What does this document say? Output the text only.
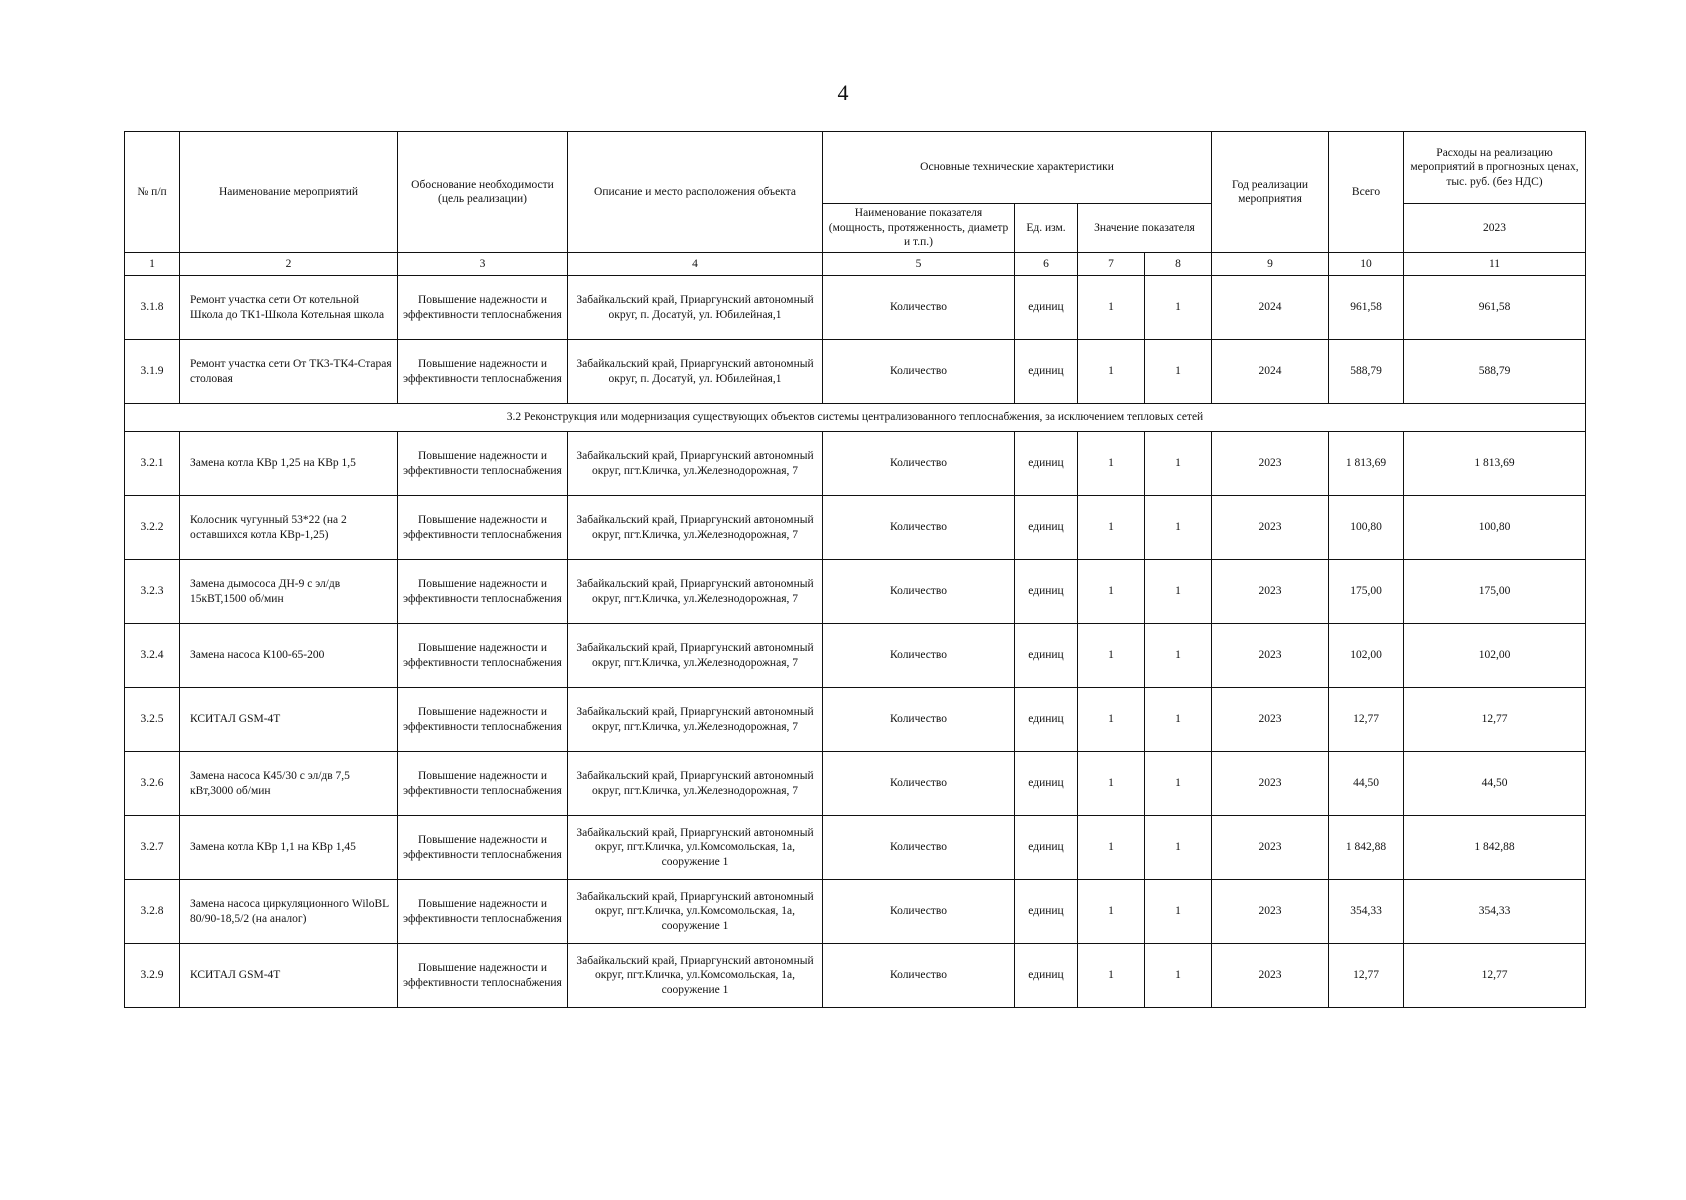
4
№ п/п	Наименование мероприятий	Обоснование необходимости (цель реализации)	Описание и место расположения объекта	Основные технические характеристики				Год реализации мероприятия	Всего	Расходы на реализацию мероприятий в прогнозных ценах, тыс. руб. (без НДС)
				Наименование показателя (мощность, протяженность, диаметр и т.п.)	Ед. изм.	Значение показателя				2023
1	2	3	4	5	6	7	8	9	10	11
3.1.8	Ремонт участка сети От котельной Школа до ТК1-Школа Котельная школа	Повышение надежности и эффективности теплоснабжения	Забайкальский край, Приаргунский автономный округ, п. Досатуй, ул. Юбилейная,1	Количество	единиц	1	1	2024	961,58	961,58
3.1.9	Ремонт участка сети От ТК3-ТК4-Старая столовая	Повышение надежности и эффективности теплоснабжения	Забайкальский край, Приаргунский автономный округ, п. Досатуй, ул. Юбилейная,1	Количество	единиц	1	1	2024	588,79	588,79
3.2 Реконструкция или модернизация существующих объектов системы централизованного теплоснабжения, за исключением тепловых сетей										
3.2.1	Замена котла КВр 1,25 на КВр 1,5	Повышение надежности и эффективности теплоснабжения	Забайкальский край, Приаргунский автономный округ, пгт.Кличка, ул.Железнодорожная, 7	Количество	единиц	1	1	2023	1 813,69	1 813,69
3.2.2	Колосник чугунный 53*22 (на 2 оставшихся котла КВр-1,25)	Повышение надежности и эффективности теплоснабжения	Забайкальский край, Приаргунский автономный округ, пгт.Кличка, ул.Железнодорожная, 7	Количество	единиц	1	1	2023	100,80	100,80
3.2.3	Замена дымососа ДН-9 с эл/дв 15кВТ,1500 об/мин	Повышение надежности и эффективности теплоснабжения	Забайкальский край, Приаргунский автономный округ, пгт.Кличка, ул.Железнодорожная, 7	Количество	единиц	1	1	2023	175,00	175,00
3.2.4	Замена насоса К100-65-200	Повышение надежности и эффективности теплоснабжения	Забайкальский край, Приаргунский автономный округ, пгт.Кличка, ул.Железнодорожная, 7	Количество	единиц	1	1	2023	102,00	102,00
3.2.5	КСИТАЛ GSM-4T	Повышение надежности и эффективности теплоснабжения	Забайкальский край, Приаргунский автономный округ, пгт.Кличка, ул.Железнодорожная, 7	Количество	единиц	1	1	2023	12,77	12,77
3.2.6	Замена насоса К45/30 с эл/дв 7,5 кВт,3000 об/мин	Повышение надежности и эффективности теплоснабжения	Забайкальский край, Приаргунский автономный округ, пгт.Кличка, ул.Железнодорожная, 7	Количество	единиц	1	1	2023	44,50	44,50
3.2.7	Замена котла КВр 1,1 на КВр 1,45	Повышение надежности и эффективности теплоснабжения	Забайкальский край, Приаргунский автономный округ, пгт.Кличка, ул.Комсомольская, 1а, сооружение 1	Количество	единиц	1	1	2023	1 842,88	1 842,88
3.2.8	Замена насоса циркуляционного WiloBL 80/90-18,5/2 (на аналог)	Повышение надежности и эффективности теплоснабжения	Забайкальский край, Приаргунский автономный округ, пгт.Кличка, ул.Комсомольская, 1а, сооружение 1	Количество	единиц	1	1	2023	354,33	354,33
3.2.9	КСИТАЛ GSM-4T	Повышение надежности и эффективности теплоснабжения	Забайкальский край, Приаргунский автономный округ, пгт.Кличка, ул.Комсомольская, 1а, сооружение 1	Количество	единиц	1	1	2023	12,77	12,77
